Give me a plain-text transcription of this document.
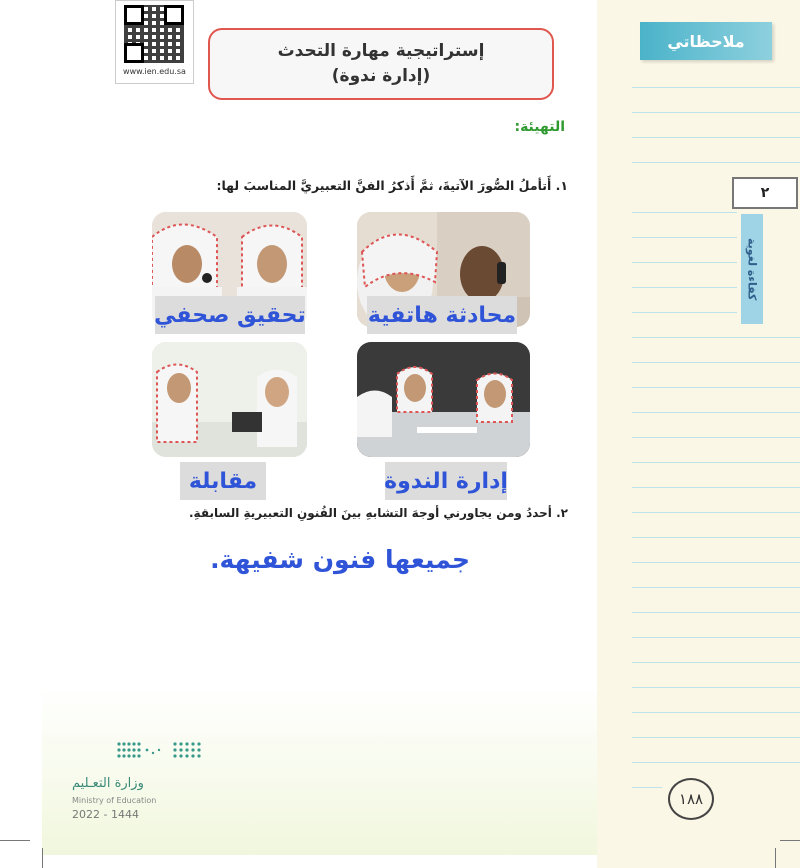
ملاحظاتي
٢
كفاءة لغوية
١٨٨
www.ien.edu.sa
إستراتيجية مهارة التحدث
(إدارة ندوة)
التهيئة:
١. أَتأملُ الصُّورَ الآتيةَ، ثمَّ أَذكرُ الفنَّ التعبيريَّ المناسبَ لها:
محادثة هاتفية
تحقيق صحفي
إدارة الندوة
مقابلة
٢. أحددُ ومن يجاورني أوجهَ التشابهِ بينَ الفُنونِ التعبيريةِ السابقةِ.
جميعها فنون شفيهة.
وزارة التعـليم
Ministry of Education
2022 - 1444
